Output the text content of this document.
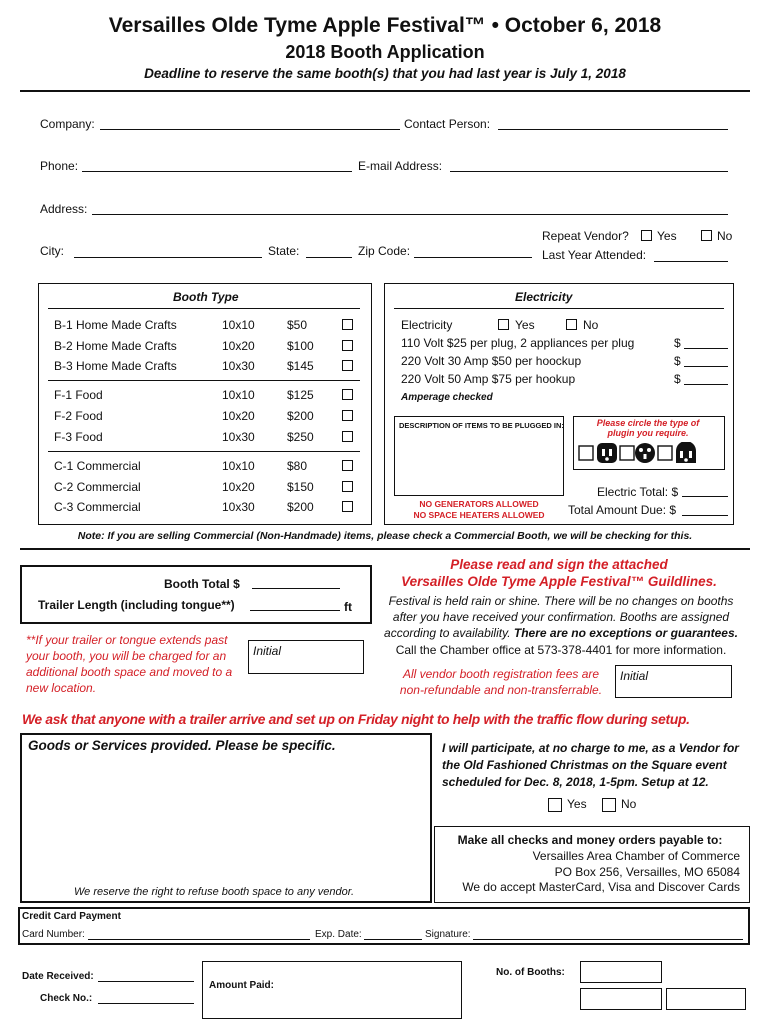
Versailles Olde Tyme Apple Festival™ • October 6, 2018
2018 Booth Application
Deadline to reserve the same booth(s) that you had last year is July 1, 2018
Company:	Contact Person:
Phone:	E-mail Address:
Address:
City:	State:	Zip Code:
Repeat Vendor? Yes	No
Last Year Attended:
Booth Type
B-1 Home Made Crafts	10x10	$50
B-2 Home Made Crafts	10x20	$100
B-3 Home Made Crafts	10x30	$145
F-1 Food	10x10	$125
F-2 Food	10x20	$200
F-3 Food	10x30	$250
C-1 Commercial	10x10	$80
C-2 Commercial	10x20	$150
C-3 Commercial	10x30	$200
Electricity
Electricity	Yes	No
110 Volt $25 per plug, 2 appliances per plug	$
220 Volt 30 Amp $50 per hoockup	$
220 Volt 50 Amp $75 per hookup	$
Amperage checked
DESCRIPTION OF ITEMS TO BE PLUGGED IN:	Please circle the type of plugin you require.
NO GENERATORS ALLOWED
NO SPACE HEATERS ALLOWED
Electric Total: $
Total Amount Due: $
Note: If you are selling Commercial (Non-Handmade) items, please check a Commercial Booth, we will be checking for this.
Booth Total $
Trailer Length (including tongue**)	ft
**If your trailer or tongue extends past your booth, you will be charged for an additional booth space and moved to a new location.
Initial
Please read and sign the attached
Versailles Olde Tyme Apple Festival™ Guildlines.
Festival is held rain or shine. There will be no changes on booths after you have received your confirmation. Booths are assigned according to availability. There are no exceptions or guarantees.
Call the Chamber office at 573-378-4401 for more information.
All vendor booth registration fees are non-refundable and non-transferrable.
Initial
We ask that anyone with a trailer arrive and set up on Friday night to help with the traffic flow during setup.
Goods or Services provided. Please be specific.
We reserve the right to refuse booth space to any vendor.
I will participate, at no charge to me, as a Vendor for the Old Fashioned Christmas on the Square event scheduled for Dec. 8, 2018, 1-5pm. Setup at 12.
Yes	No
Make all checks and money orders payable to:
Versailles Area Chamber of Commerce
PO Box 256, Versailles, MO 65084
We do accept MasterCard, Visa and Discover Cards
Credit Card Payment
Card Number:	Exp. Date:	Signature:
Date Received:
Check No.:
Amount Paid:
No. of Booths:
